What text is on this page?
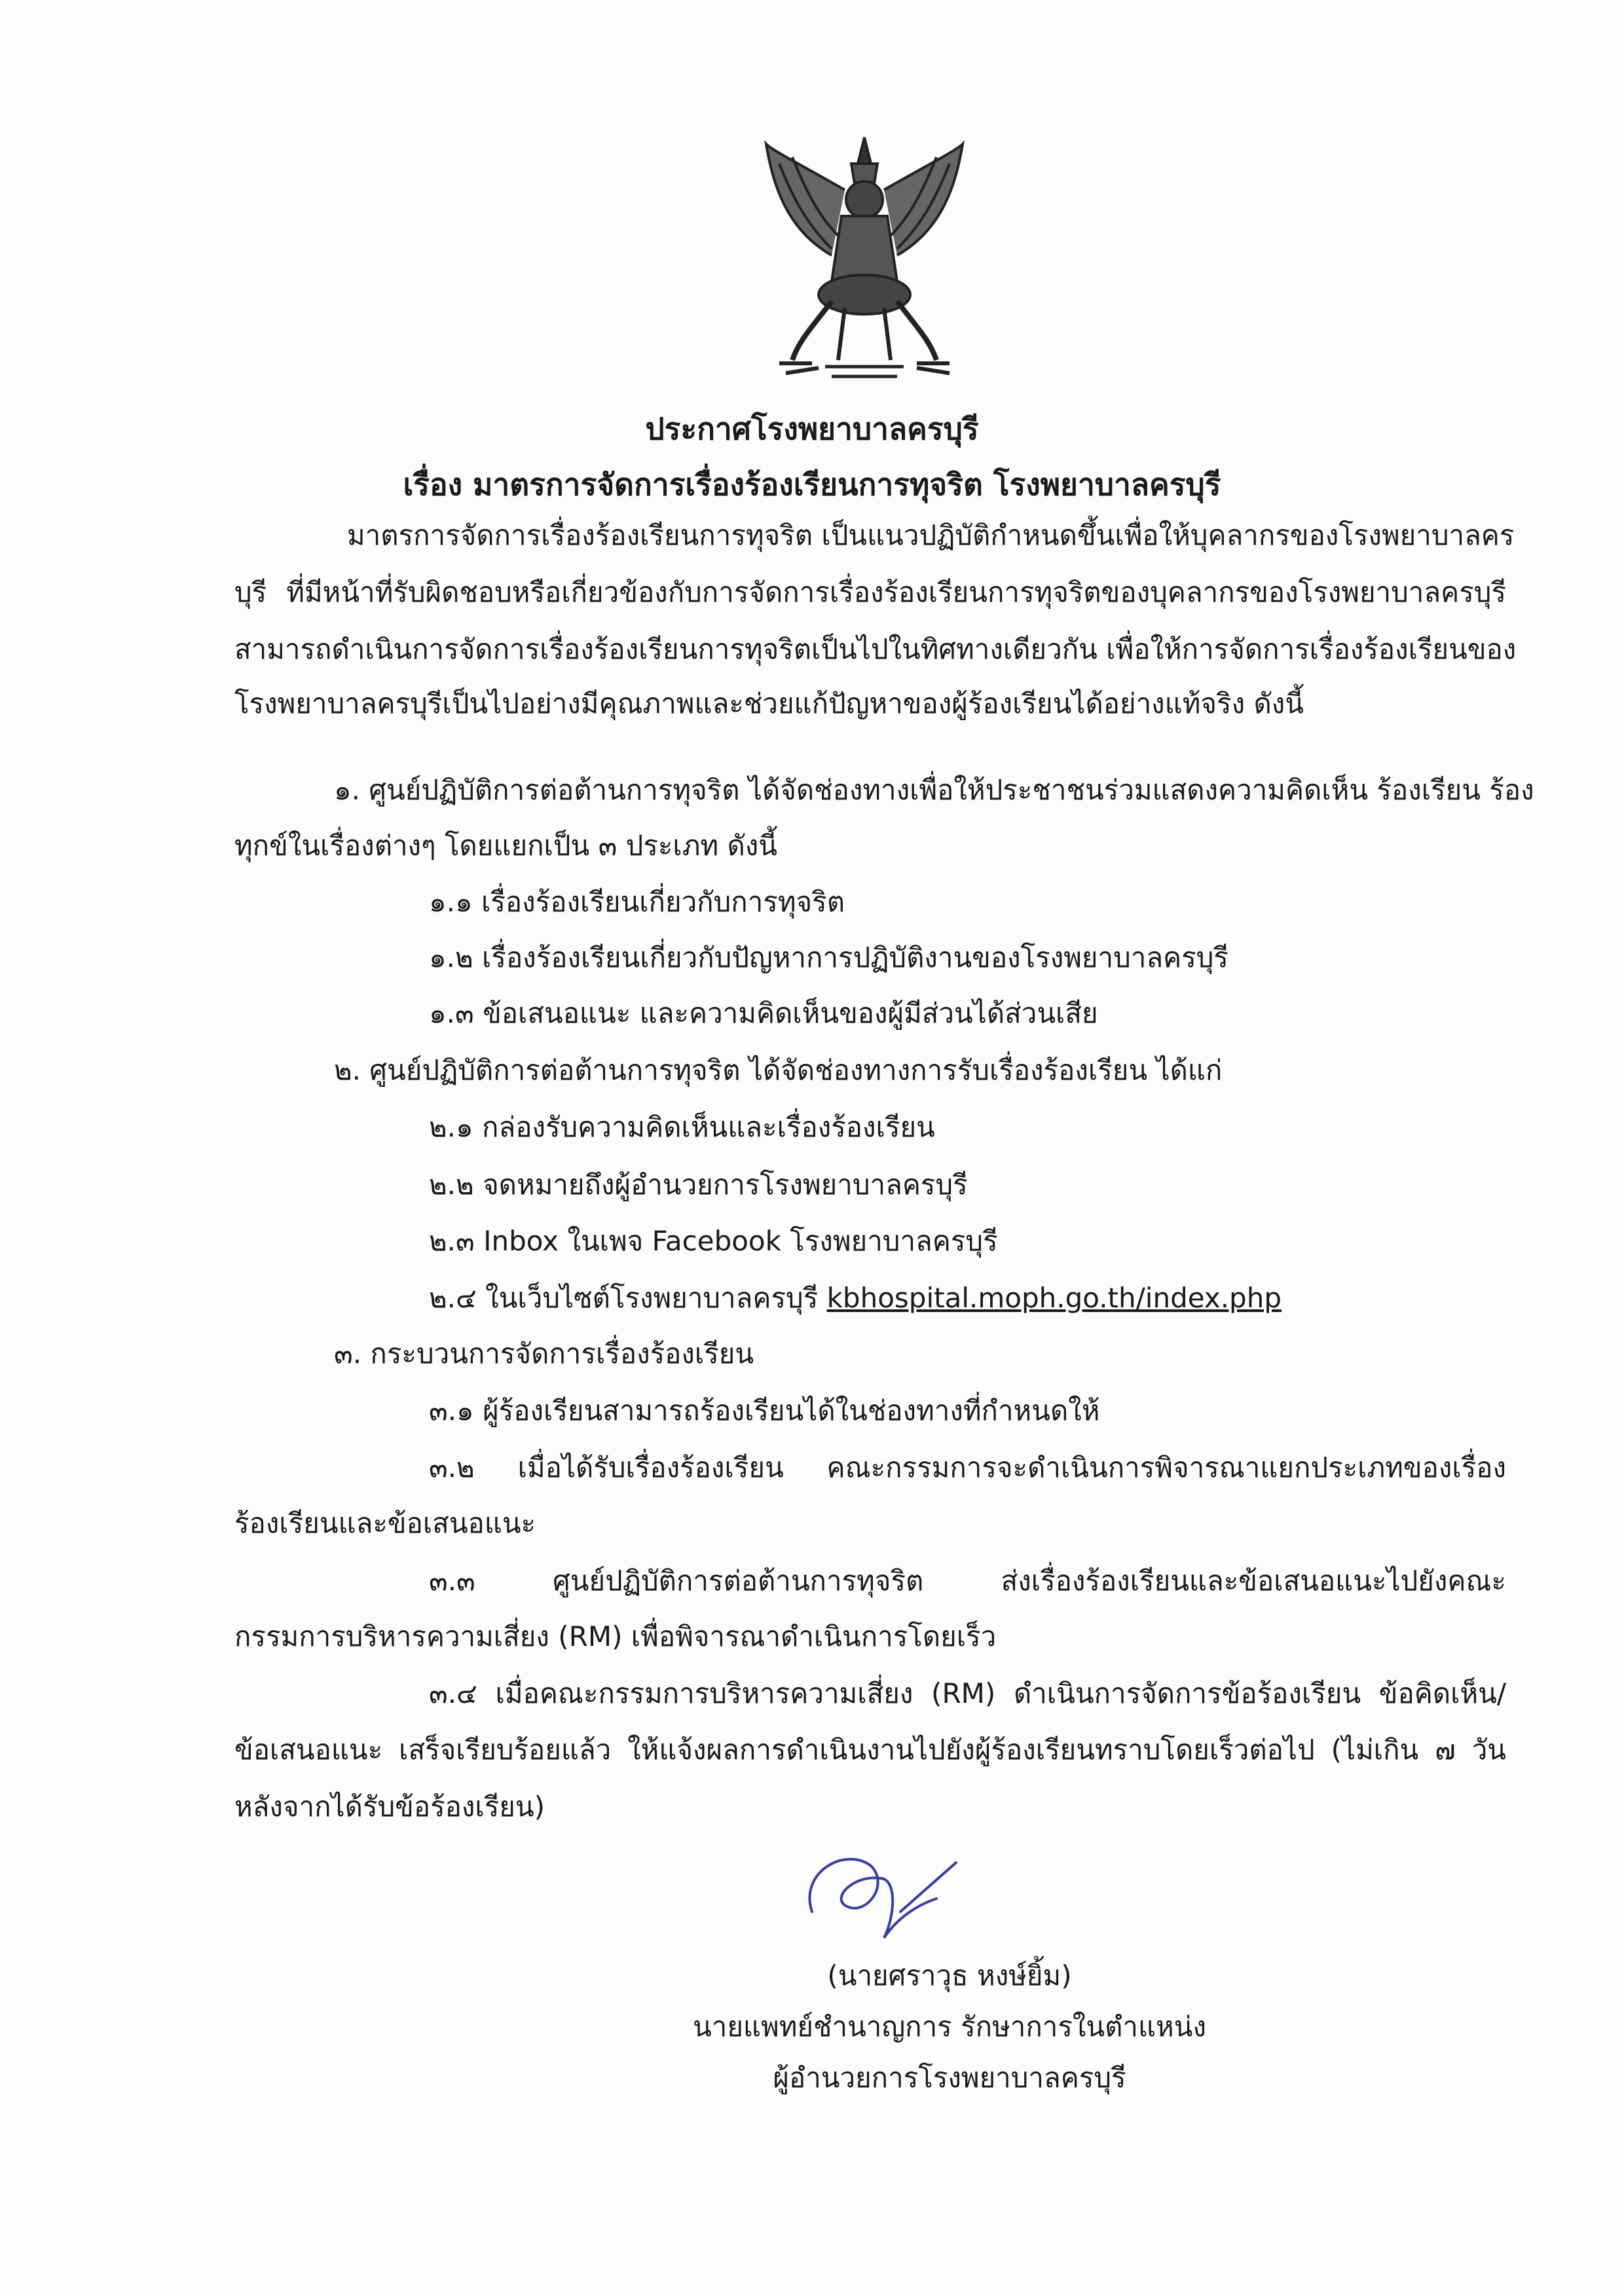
ประกาศโรงพยาบาลครบุรี
เรื่อง มาตรการจัดการเรื่องร้องเรียนการทุจริต โรงพยาบาลครบุรี
มาตรการจัดการเรื่องร้องเรียนการทุจริต เป็นแนวปฏิบัติกำหนดขึ้นเพื่อให้บุคลากรของโรงพยาบาลคร
บุรี ที่มีหน้าที่รับผิดชอบหรือเกี่ยวข้องกับการจัดการเรื่องร้องเรียนการทุจริตของบุคลากรของโรงพยาบาลครบุรี
สามารถดำเนินการจัดการเรื่องร้องเรียนการทุจริตเป็นไปในทิศทางเดียวกัน เพื่อให้การจัดการเรื่องร้องเรียนของ
โรงพยาบาลครบุรีเป็นไปอย่างมีคุณภาพและช่วยแก้ปัญหาของผู้ร้องเรียนได้อย่างแท้จริง ดังนี้
๑. ศูนย์ปฏิบัติการต่อต้านการทุจริต ได้จัดช่องทางเพื่อให้ประชาชนร่วมแสดงความคิดเห็น ร้องเรียน ร้อง
ทุกข์ในเรื่องต่างๆ โดยแยกเป็น ๓ ประเภท ดังนี้
๑.๑ เรื่องร้องเรียนเกี่ยวกับการทุจริต
๑.๒ เรื่องร้องเรียนเกี่ยวกับปัญหาการปฏิบัติงานของโรงพยาบาลครบุรี
๑.๓ ข้อเสนอแนะ และความคิดเห็นของผู้มีส่วนได้ส่วนเสีย
๒. ศูนย์ปฏิบัติการต่อต้านการทุจริต ได้จัดช่องทางการรับเรื่องร้องเรียน ได้แก่
๒.๑ กล่องรับความคิดเห็นและเรื่องร้องเรียน
๒.๒ จดหมายถึงผู้อำนวยการโรงพยาบาลครบุรี
๒.๓ Inbox ในเพจ Facebook โรงพยาบาลครบุรี
๒.๔ ในเว็บไซต์โรงพยาบาลครบุรี kbhospital.moph.go.th/index.php
๓. กระบวนการจัดการเรื่องร้องเรียน
๓.๑ ผู้ร้องเรียนสามารถร้องเรียนได้ในช่องทางที่กำหนดให้
๓.๒ เมื่อได้รับเรื่องร้องเรียน คณะกรรมการจะดำเนินการพิจารณาแยกประเภทของเรื่อง
ร้องเรียนและข้อเสนอแนะ
๓.๓ ศูนย์ปฏิบัติการต่อต้านการทุจริต ส่งเรื่องร้องเรียนและข้อเสนอแนะไปยังคณะ
กรรมการบริหารความเสี่ยง (RM) เพื่อพิจารณาดำเนินการโดยเร็ว
๓.๔ เมื่อคณะกรรมการบริหารความเสี่ยง (RM) ดำเนินการจัดการข้อร้องเรียน ข้อคิดเห็น/
ข้อเสนอแนะ เสร็จเรียบร้อยแล้ว ให้แจ้งผลการดำเนินงานไปยังผู้ร้องเรียนทราบโดยเร็วต่อไป (ไม่เกิน ๗ วัน
หลังจากได้รับข้อร้องเรียน)
(นายศราวุธ หงษ์ยิ้ม)
นายแพทย์ชำนาญการ รักษาการในตำแหน่ง
ผู้อำนวยการโรงพยาบาลครบุรี
